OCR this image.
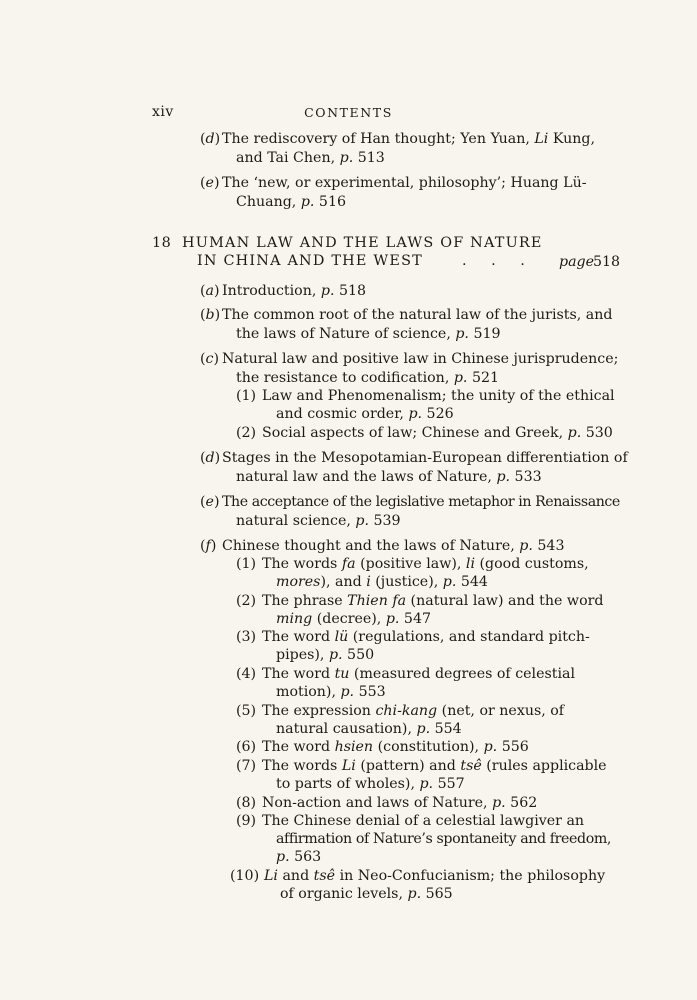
xiv	CONTENTS
(d) The rediscovery of Han thought; Yen Yuan, Li Kung,
and Tai Chen, p. 513
(e) The ‘new, or experimental, philosophy’; Huang Lü-
Chuang, p. 516
18 HUMAN LAW AND THE LAWS OF NATURE
IN CHINA AND THE WEST	. . . page
518
(a) Introduction, p. 518
(b) The common root of the natural law of the jurists, and
the laws of Nature of science, p. 519
(c) Natural law and positive law in Chinese jurisprudence;
the resistance to codification, p. 521
(1) Law and Phenomenalism; the unity of the ethical
and cosmic order, p. 526
(2) Social aspects of law; Chinese and Greek, p. 530
(d) Stages in the Mesopotamian-European differentiation of
natural law and the laws of Nature, p. 533
(e) The acceptance of the legislative metaphor in Renaissance
natural science, p. 539
(f) Chinese thought and the laws of Nature, p. 543
(1) The words fa (positive law), li (good customs,
mores), and i (justice), p. 544
(2) The phrase Thien fa (natural law) and the word
ming (decree), p. 547
(3) The word lü (regulations, and standard pitch-
pipes), p. 550
(4) The word tu (measured degrees of celestial
motion), p. 553
(5) The expression chi-kang (net, or nexus, of
natural causation), p. 554
(6) The word hsien (constitution), p. 556
(7) The words Li (pattern) and tsê (rules applicable
to parts of wholes), p. 557
(8) Non-action and laws of Nature, p. 562
(9) The Chinese denial of a celestial lawgiver an
affirmation of Nature’s spontaneity and freedom,
p. 563
(10) Li and tsê in Neo-Confucianism; the philosophy
of organic levels, p. 565
